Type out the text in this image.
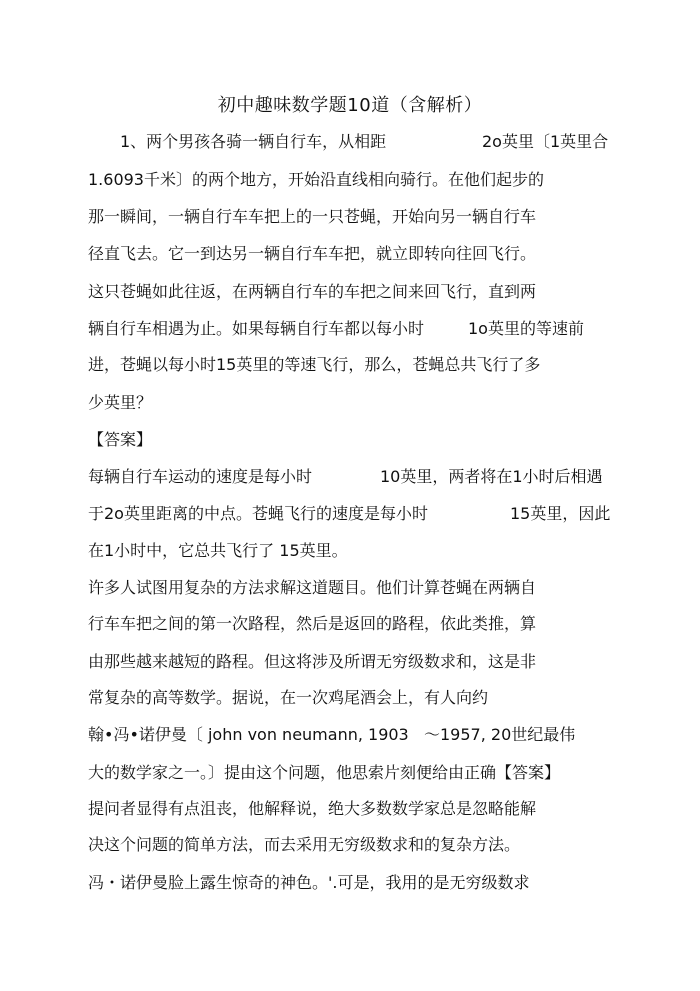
初中趣味数学题10道（含解析）
1、两个男孩各骑一辆自行车，从相距	2o英里〔1英里合
1.6093千米〕的两个地方，开始沿直线相向骑行。在他们起步的
那一瞬间，一辆自行车车把上的一只苍蝇，开始向另一辆自行车
径直飞去。它一到达另一辆自行车车把，就立即转向往回飞行。
这只苍蝇如此往返，在两辆自行车的车把之间来回飞行，直到两
辆自行车相遇为止。如果每辆自行车都以每小时	1o英里的等速前
进，苍蝇以每小时15英里的等速飞行，那么，苍蝇总共飞行了多
少英里？
【答案】
每辆自行车运动的速度是每小时	10英里，两者将在1小时后相遇
于2o英里距离的中点。苍蝇飞行的速度是每小时	15英里，因此
在1小时中，它总共飞行了 15英里。
许多人试图用复杂的方法求解这道题目。他们计算苍蝇在两辆自
行车车把之间的第一次路程，然后是返回的路程，依此类推，算
由那些越来越短的路程。但这将涉及所谓无穷级数求和，这是非
常复杂的高等数学。据说，在一次鸡尾酒会上，有人向约
翰•冯•诺伊曼〔 john von neumann, 1903 〜1957, 20世纪最伟
大的数学家之一。〕提由这个问题，他思索片刻便给由正确【答案】
提问者显得有点沮丧，他解释说，绝大多数数学家总是忽略能解
决这个问题的简单方法，而去采用无穷级数求和的复杂方法。
冯・诺伊曼脸上露生惊奇的神色。'.可是，我用的是无穷级数求
